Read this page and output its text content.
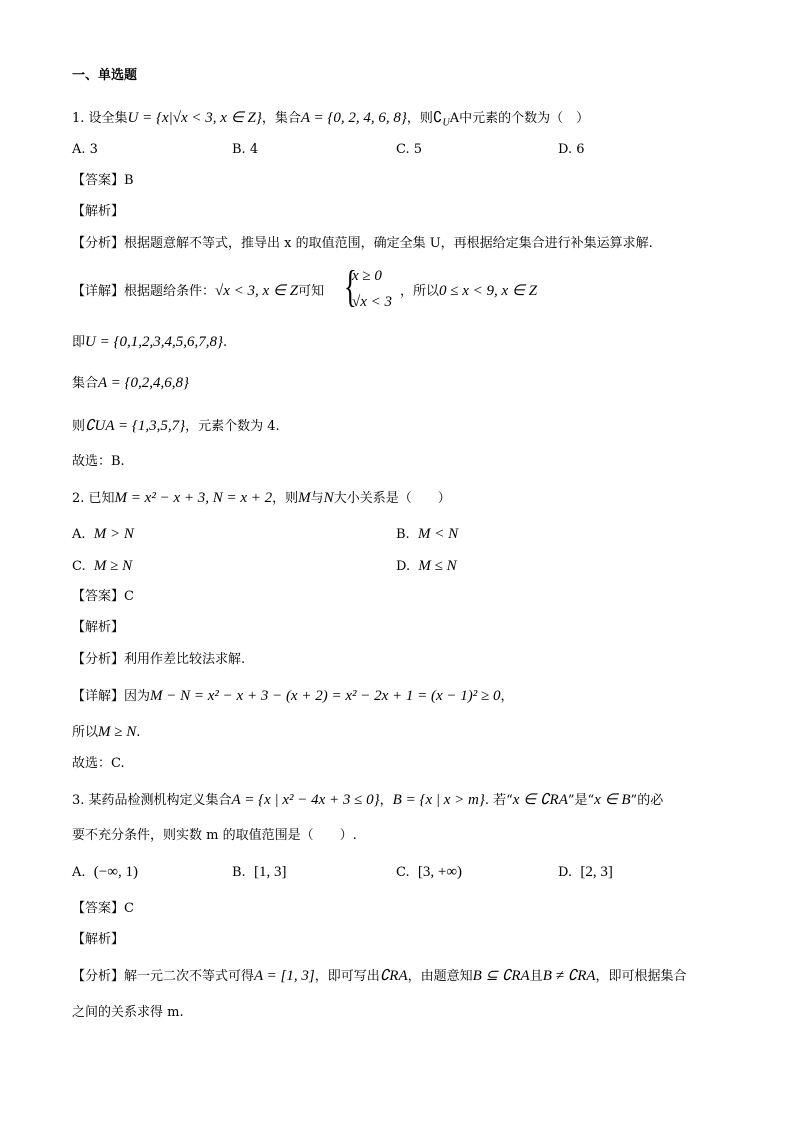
一、单选题
1. 设全集U = {x|√x < 3, x ∈ Z}，集合A = {0, 2, 4, 6, 8}，则$∁_UA$中元素的个数为（　）
A. 3	B. 4	C. 5	D. 6
【答案】B
【解析】
【分析】根据题意解不等式，推导出 x 的取值范围，确定全集 U，再根据给定集合进行补集运算求解.
【详解】根据题给条件：√x < 3, x ∈ Z可知 {
x ≥ 0
√x < 3
，所以0 ≤ x < 9, x ∈ Z
即U = {0,1,2,3,4,5,6,7,8}.
集合A = {0,2,4,6,8}
则∁UA = {1,3,5,7}，元素个数为 4.
故选：B.
2. 已知M = x² − x + 3, N = x + 2，则M与N大小关系是（　　）
A. M > N	B. M < N
C. M ≥ N	D. M ≤ N
【答案】C
【解析】
【分析】利用作差比较法求解.
【详解】因为M − N = x² − x + 3 − (x + 2) = x² − 2x + 1 = (x − 1)² ≥ 0，
所以M ≥ N.
故选：C.
3. 某药品检测机构定义集合A = {x | x² − 4x + 3 ≤ 0}，B = {x | x > m}. 若“x ∈ ∁RA”是“x ∈ B”的必
要不充分条件，则实数 m 的取值范围是（　　）.
A. (−∞, 1)	B. [1, 3]	C. [3, +∞)	D. [2, 3]
【答案】C
【解析】
【分析】解一元二次不等式可得A = [1, 3]，即可写出∁RA，由题意知B ⊆ ∁RA且B ≠ ∁RA，即可根据集合
之间的关系求得 m.
